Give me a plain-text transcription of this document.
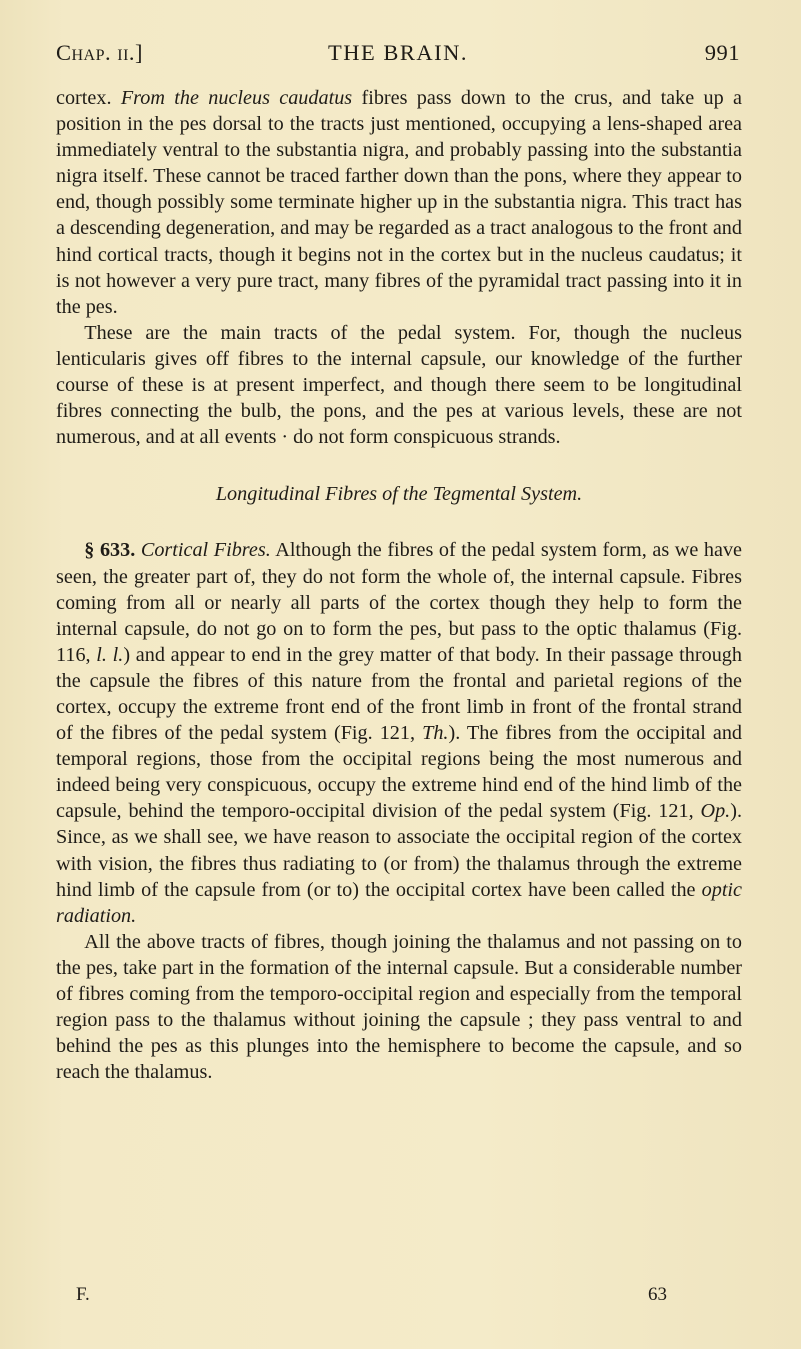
Chap. ii.]	THE BRAIN.	991

cortex. From the nucleus caudatus fibres pass down to the crus, and take up a position in the pes dorsal to the tracts just mentioned, occupying a lens-shaped area immediately ventral to the substantia nigra, and probably passing into the substantia nigra itself. These cannot be traced farther down than the pons, where they appear to end, though possibly some terminate higher up in the substantia nigra. This tract has a descending degeneration, and may be regarded as a tract analogous to the front and hind cortical tracts, though it begins not in the cortex but in the nucleus caudatus; it is not however a very pure tract, many fibres of the pyramidal tract passing into it in the pes.

These are the main tracts of the pedal system. For, though the nucleus lenticularis gives off fibres to the internal capsule, our knowledge of the further course of these is at present imperfect, and though there seem to be longitudinal fibres connecting the bulb, the pons, and the pes at various levels, these are not numerous, and at all events · do not form conspicuous strands.

Longitudinal Fibres of the Tegmental System.

§ 633. Cortical Fibres. Although the fibres of the pedal system form, as we have seen, the greater part of, they do not form the whole of, the internal capsule. Fibres coming from all or nearly all parts of the cortex though they help to form the internal capsule, do not go on to form the pes, but pass to the optic thalamus (Fig. 116, l. l.) and appear to end in the grey matter of that body. In their passage through the capsule the fibres of this nature from the frontal and parietal regions of the cortex, occupy the extreme front end of the front limb in front of the frontal strand of the fibres of the pedal system (Fig. 121, Th.). The fibres from the occipital and temporal regions, those from the occipital regions being the most numerous and indeed being very conspicuous, occupy the extreme hind end of the hind limb of the capsule, behind the temporo-occipital division of the pedal system (Fig. 121, Op.). Since, as we shall see, we have reason to associate the occipital region of the cortex with vision, the fibres thus radiating to (or from) the thalamus through the extreme hind limb of the capsule from (or to) the occipital cortex have been called the optic radiation.

All the above tracts of fibres, though joining the thalamus and not passing on to the pes, take part in the formation of the internal capsule. But a considerable number of fibres coming from the temporo-occipital region and especially from the temporal region pass to the thalamus without joining the capsule ; they pass ventral to and behind the pes as this plunges into the hemisphere to become the capsule, and so reach the thalamus.

F.	63
